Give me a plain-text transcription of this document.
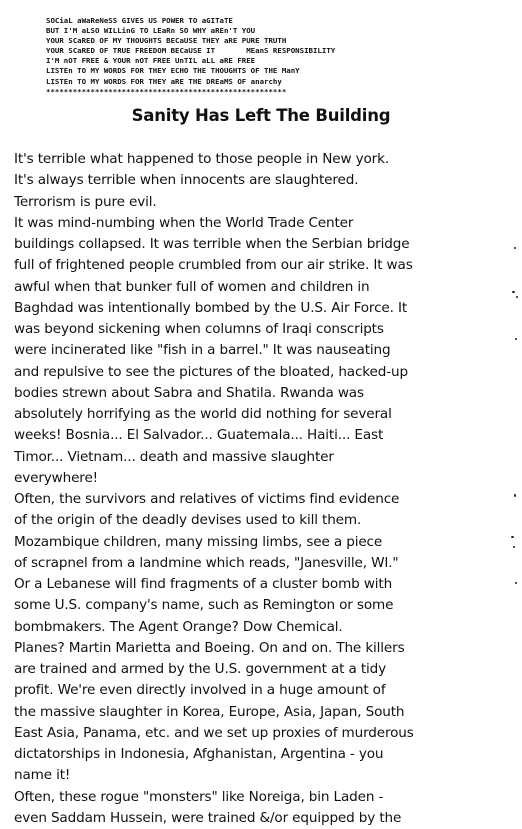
SOCiaL aWaReNeSS GIVES US POWER TO aGITaTE
BUT I'M aLSO WILLinG TO LEaRn SO WHY aREn'T YOU
YOUR SCaRED OF MY THOUGHTS BECaUSE THEY aRE PURE TRUTH
YOUR SCaRED OF TRUE FREEDOM BECaUSE IT       MEanS RESPONSIBILITY
I'M nOT FREE & YOUR nOT FREE UnTIL aLL aRE FREE
LISTEn TO MY WORDS FOR THEY ECHO THE THOUGHTS OF THE ManY
LISTEn TO MY WORDS FOR THEY aRE THE DREaMS OF anarchy
******************************************************
Sanity Has Left The Building
It's terrible what happened to those people in New york.
It's always terrible when innocents are slaughtered.
Terrorism is pure evil.
It was mind-numbing when the World Trade Center
buildings collapsed. It was terrible when the Serbian bridge
full of frightened people crumbled from our air strike. It was
awful when that bunker full of women and children in
Baghdad was intentionally bombed by the U.S. Air Force. It
was beyond sickening when columns of Iraqi conscripts
were incinerated like "fish in a barrel." It was nauseating
and repulsive to see the pictures of the bloated, hacked-up
bodies strewn about Sabra and Shatila. Rwanda was
absolutely horrifying as the world did nothing for several
weeks! Bosnia... El Salvador... Guatemala... Haiti... East
Timor... Vietnam... death and massive slaughter
everywhere!
Often, the survivors and relatives of victims find evidence
of the origin of the deadly devises used to kill them.
Mozambique children, many missing limbs, see a piece
of scrapnel from a landmine which reads, "Janesville, WI."
Or a Lebanese will find fragments of a cluster bomb with
some U.S. company's name, such as Remington or some
bombmakers. The Agent Orange? Dow Chemical.
Planes? Martin Marietta and Boeing. On and on. The killers
are trained and armed by the U.S. government at a tidy
profit. We're even directly involved in a huge amount of
the massive slaughter in Korea, Europe, Asia, Japan, South
East Asia, Panama, etc. and we set up proxies of murderous
dictatorships in Indonesia, Afghanistan, Argentina - you
name it!
Often, these rogue "monsters" like Noreiga, bin Laden -
even Saddam Hussein, were trained &/or equipped by the
